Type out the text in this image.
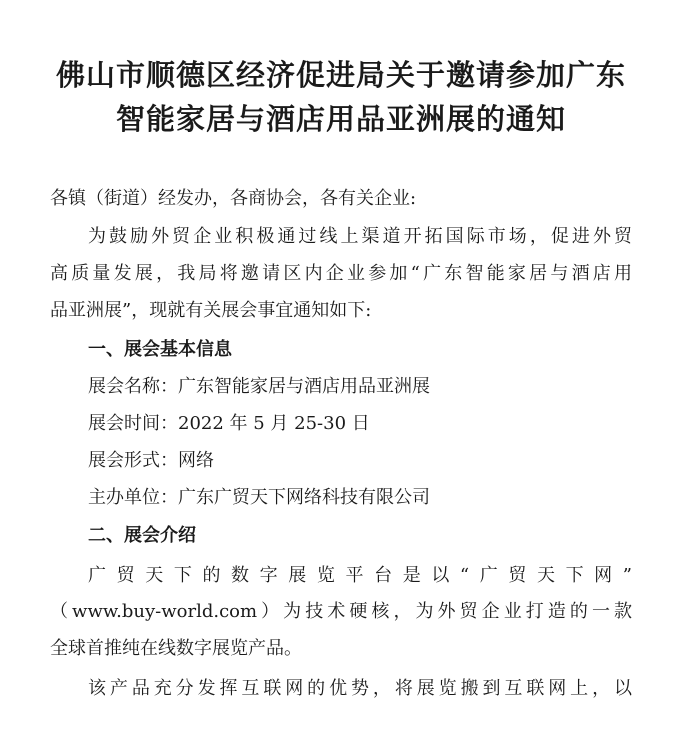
佛山市顺德区经济促进局关于邀请参加广东
智能家居与酒店用品亚洲展的通知
各镇（街道）经发办，各商协会，各有关企业:
为鼓励外贸企业积极通过线上渠道开拓国际市场，促进外贸
高质量发展，我局将邀请区内企业参加“广东智能家居与酒店用
品亚洲展”，现就有关展会事宜通知如下:
一、展会基本信息
展会名称：广东智能家居与酒店用品亚洲展
展会时间：2022 年 5 月 25-30 日
展会形式：网络
主办单位：广东广贸天下网络科技有限公司
二、展会介绍
广贸天下的数字展览平台是以“广贸天下网”
（www.buy-world.com）为技术硬核，为外贸企业打造的一款
全球首推纯在线数字展览产品。
该产品充分发挥互联网的优势，将展览搬到互联网上，以
